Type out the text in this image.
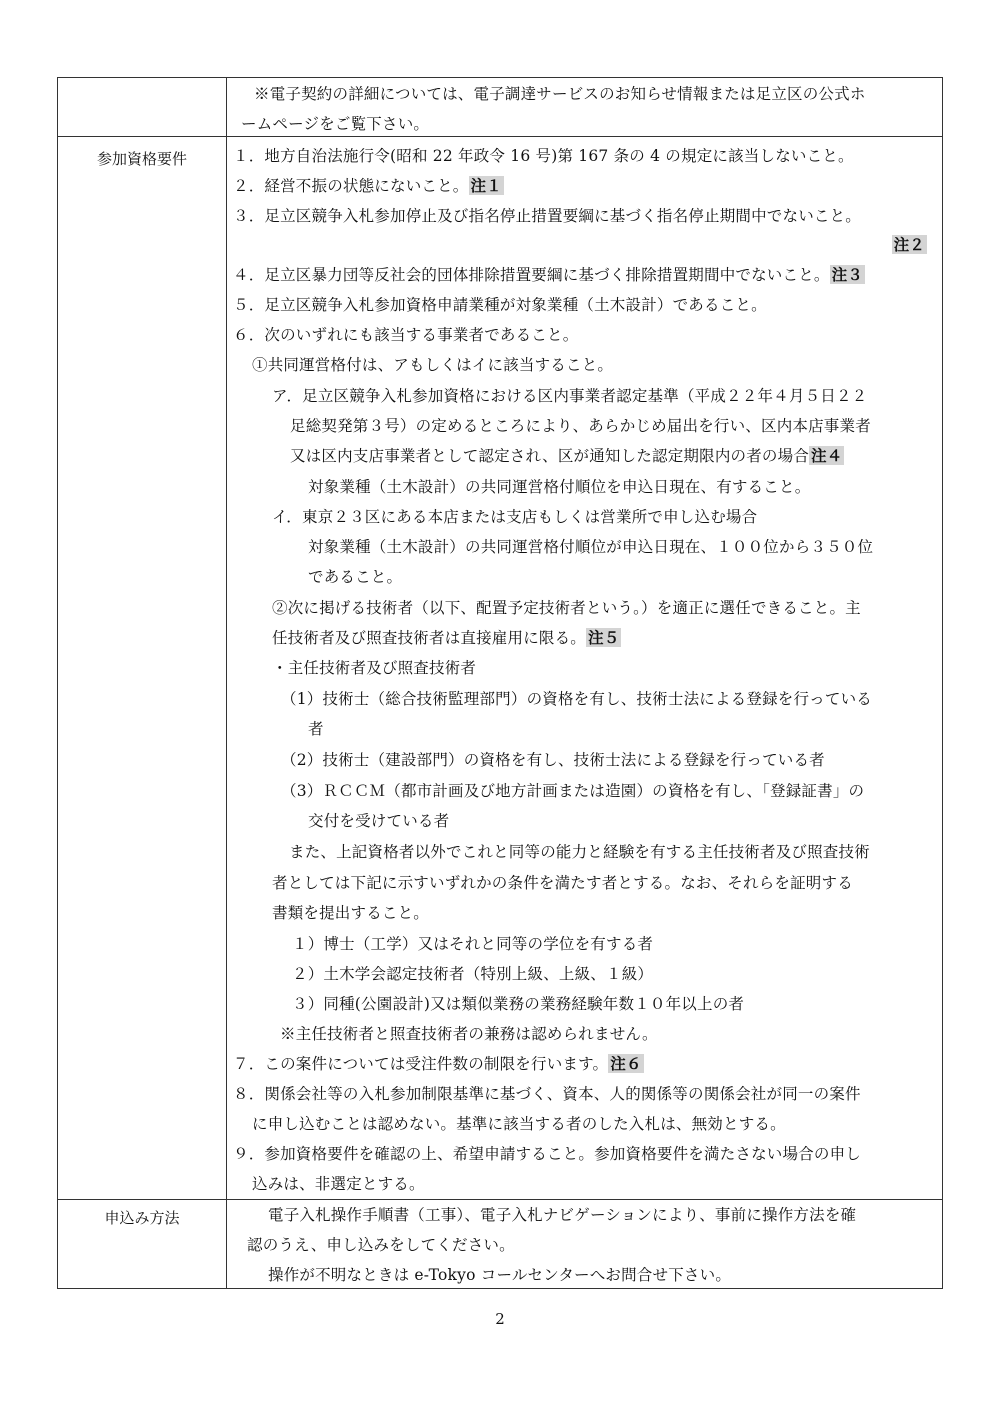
※電子契約の詳細については、電子調達サービスのお知らせ情報または足立区の公式ホ
ームページをご覧下さい。
参加資格要件	１．地方自治法施行令(昭和 22 年政令 16 号)第 167 条の 4 の規定に該当しないこと。
２．経営不振の状態にないこと。 注１
３．足立区競争入札参加停止及び指名停止措置要綱に基づく指名停止期間中でないこと。
注２
４．足立区暴力団等反社会的団体排除措置要綱に基づく排除措置期間中でないこと。 注３
５．足立区競争入札参加資格申請業種が対象業種（土木設計）であること。
６．次のいずれにも該当する事業者であること。
①共同運営格付は、アもしくはイに該当すること。
ア．足立区競争入札参加資格における区内事業者認定基準（平成２２年４月５日２２
足総契発第３号）の定めるところにより、あらかじめ届出を行い、区内本店事業者
又は区内支店事業者として認定され、区が通知した認定期限内の者の場合 注４
対象業種（土木設計）の共同運営格付順位を申込日現在、有すること。
イ．東京２３区にある本店または支店もしくは営業所で申し込む場合
対象業種（土木設計）の共同運営格付順位が申込日現在、１００位から３５０位
であること。
②次に掲げる技術者（以下、配置予定技術者という。）を適正に選任できること。主
任技術者及び照査技術者は直接雇用に限る。 注５
・主任技術者及び照査技術者
（1）技術士（総合技術監理部門）の資格を有し、技術士法による登録を行っている
者
（2）技術士（建設部門）の資格を有し、技術士法による登録を行っている者
（3）ＲＣＣＭ（都市計画及び地方計画または造園）の資格を有し、「登録証書」の
交付を受けている者
また、上記資格者以外でこれと同等の能力と経験を有する主任技術者及び照査技術
者としては下記に示すいずれかの条件を満たす者とする。なお、それらを証明する
書類を提出すること。
１）博士（工学）又はそれと同等の学位を有する者
２）土木学会認定技術者（特別上級、上級、１級）
３）同種(公園設計)又は類似業務の業務経験年数１０年以上の者
※主任技術者と照査技術者の兼務は認められません。
７．この案件については受注件数の制限を行います。 注６
８．関係会社等の入札参加制限基準に基づく、資本、人的関係等の関係会社が同一の案件
に申し込むことは認めない。基準に該当する者のした入札は、無効とする。
９．参加資格要件を確認の上、希望申請すること。参加資格要件を満たさない場合の申し
込みは、非選定とする。
申込み方法	電子入札操作手順書（工事）、電子入札ナビゲーションにより、事前に操作方法を確
認のうえ、申し込みをしてください。
操作が不明なときは e-Tokyo コールセンターへお問合せ下さい。
2
